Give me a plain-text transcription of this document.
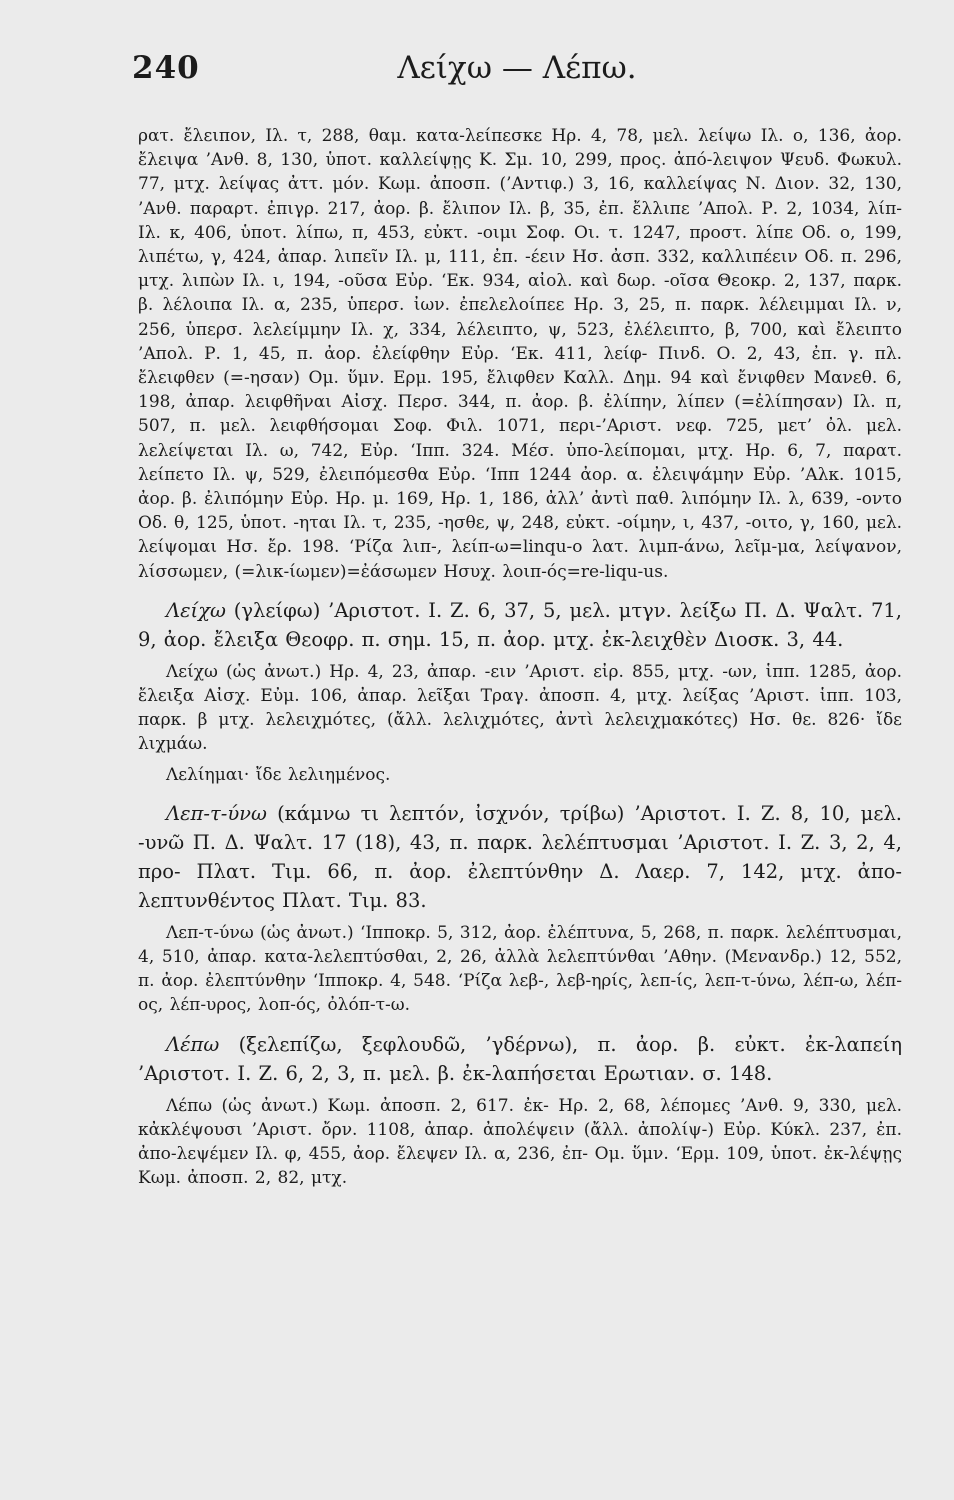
240	Λείχω — Λέπω.

ρατ. ἔλειπον, Ιλ. τ, 288, θαμ. κατα-λείπεσκε Ηρ. 4, 78, μελ. λείψω Ιλ. ο, 136, ἀορ. ἔλειψα ’Ανθ. 8, 130, ὑποτ. καλλείψῃς Κ. Σμ. 10, 299, προς. ἀπό-λειψον Ψευδ. Φωκυλ. 77, μτχ. λείψας ἀττ. μόν. Κωμ. ἀποσπ. (’Αντιφ.) 3, 16, καλλείψας Ν. Διον. 32, 130, ’Ανθ. παραρτ. ἐπιγρ. 217, ἀορ. β. ἔλιπον Ιλ. β, 35, ἐπ. ἔλλιπε ’Απολ. Ρ. 2, 1034, λίπ- Ιλ. κ, 406, ὑποτ. λίπω, π, 453, εὐκτ. -οιμι Σοφ. Οι. τ. 1247, προστ. λίπε Οδ. ο, 199, λιπέτω, γ, 424, ἀπαρ. λιπεῖν Ιλ. μ, 111, ἐπ. -έειν Ησ. ἀσπ. 332, καλλιπέειν Οδ. π. 296, μτχ. λιπὼν Ιλ. ι, 194, -οῦσα Εὐρ. ‘Εκ. 934, αἰολ. καὶ δωρ. -οῖσα Θεοκρ. 2, 137, παρκ. β. λέλοιπα Ιλ. α, 235, ὑπερσ. ἰων. ἐπελελοίπεε Ηρ. 3, 25, π. παρκ. λέλειμμαι Ιλ. ν, 256, ὑπερσ. λελείμμην Ιλ. χ, 334, λέλειπτο, ψ, 523, ἐλέλειπτο, β, 700, καὶ ἔλειπτο ’Απολ. Ρ. 1, 45, π. ἀορ. ἐλείφθην Εὐρ. ‘Εκ. 411, λείφ- Πινδ. Ο. 2, 43, ἐπ. γ. πλ. ἔλειφθεν (=-ησαν) Ομ. ὕμν. Ερμ. 195, ἔλιφθεν Καλλ. Δημ. 94 καὶ ἔνιφθεν Μανεθ. 6, 198, ἀπαρ. λειφθῆναι Αἰσχ. Περσ. 344, π. ἀορ. β. ἐλίπην, λίπεν (=ἐλίπησαν) Ιλ. π, 507, π. μελ. λειφθήσομαι Σοφ. Φιλ. 1071, περι-’Αριστ. νεφ. 725, μετ’ ὀλ. μελ. λελείψεται Ιλ. ω, 742, Εὐρ. ‘Ιππ. 324. Μέσ. ὑπο-λείπομαι, μτχ. Ηρ. 6, 7, παρατ. λείπετο Ιλ. ψ, 529, ἐλειπόμεσθα Εὐρ. ‘Ιππ 1244 ἀορ. α. ἐλειψάμην Εὐρ. ’Αλκ. 1015, ἀορ. β. ἐλιπόμην Εὐρ. Ηρ. μ. 169, Ηρ. 1, 186, ἀλλ’ ἀντὶ παθ. λιπόμην Ιλ. λ, 639, -οντο Οδ. θ, 125, ὑποτ. -ηται Ιλ. τ, 235, -ησθε, ψ, 248, εὐκτ. -οίμην, ι, 437, -οιτο, γ, 160, μελ. λείψομαι Ησ. ἔρ. 198. ‘Ρίζα λιπ-, λείπ-ω=linqu-o λατ. λιμπ-άνω, λεῖμ-μα, λείψανον, λίσσωμεν, (=λικ-ίωμεν)=ἐάσωμεν Ησυχ. λοιπ-ός=re-liqu-us.

Λείχω (γλείφω) ’Αριστοτ. Ι. Ζ. 6, 37, 5, μελ. μτγν. λείξω Π. Δ. Ψαλτ. 71, 9, ἀορ. ἔλειξα Θεοφρ. π. σημ. 15, π. ἀορ. μτχ. ἐκ-λειχθὲν Διοσκ. 3, 44.

Λείχω (ὡς ἀνωτ.) Ηρ. 4, 23, ἀπαρ. -ειν ’Αριστ. εἰρ. 855, μτχ. -ων, ἱππ. 1285, ἀορ. ἔλειξα Αἰσχ. Εὐμ. 106, ἀπαρ. λεῖξαι Τραγ. ἀποσπ. 4, μτχ. λείξας ’Αριστ. ἱππ. 103, παρκ. β μτχ. λελειχμότες, (ἄλλ. λελιχμότες, ἀντὶ λελειχμακότες) Ησ. θε. 826· ἴδε λιχμάω.

Λελίημαι· ἴδε λελιημένος.

Λεπ-τ-ύνω (κάμνω τι λεπτόν, ἰσχνόν, τρίβω) ’Αριστοτ. Ι. Ζ. 8, 10, μελ. -υνῶ Π. Δ. Ψαλτ. 17 (18), 43, π. παρκ. λελέπτυσμαι ’Αριστοτ. Ι. Ζ. 3, 2, 4, προ- Πλατ. Τιμ. 66, π. ἀορ. ἐλεπτύνθην Δ. Λαερ. 7, 142, μτχ. ἀπο-λεπτυνθέντος Πλατ. Τιμ. 83.

Λεπ-τ-ύνω (ὡς ἀνωτ.) ‘Ιπποκρ. 5, 312, ἀορ. ἐλέπτυνα, 5, 268, π. παρκ. λελέπτυσμαι, 4, 510, ἀπαρ. κατα-λελεπτύσθαι, 2, 26, ἀλλὰ λελεπτύνθαι ’Αθην. (Μενανδρ.) 12, 552, π. ἀορ. ἐλεπτύνθην ‘Ιπποκρ. 4, 548. ‘Ρίζα λεβ-, λεβ-ηρίς, λεπ-ίς, λεπ-τ-ύνω, λέπ-ω, λέπ-ος, λέπ-υρος, λοπ-ός, ὀλόπ-τ-ω.

Λέπω (ξελεπίζω, ξεφλουδῶ, ’γδέρνω), π. ἀορ. β. εὐκτ. ἐκ-λαπείη ’Αριστοτ. Ι. Ζ. 6, 2, 3, π. μελ. β. ἐκ-λαπήσεται Ερωτιαν. σ. 148.

Λέπω (ὡς ἀνωτ.) Κωμ. ἀποσπ. 2, 617. ἐκ- Ηρ. 2, 68, λέπομες ’Ανθ. 9, 330, μελ. κἀκλέψουσι ’Αριστ. ὄρν. 1108, ἀπαρ. ἀπολέψειν (ἄλλ. ἀπολίψ-) Εὐρ. Κύκλ. 237, ἐπ. ἀπο-λεψέμεν Ιλ. φ, 455, ἀορ. ἔλεψεν Ιλ. α, 236, ἐπ- Ομ. ὕμν. ‘Ερμ. 109, ὑποτ. ἐκ-λέψῃς Κωμ. ἀποσπ. 2, 82, μτχ.
